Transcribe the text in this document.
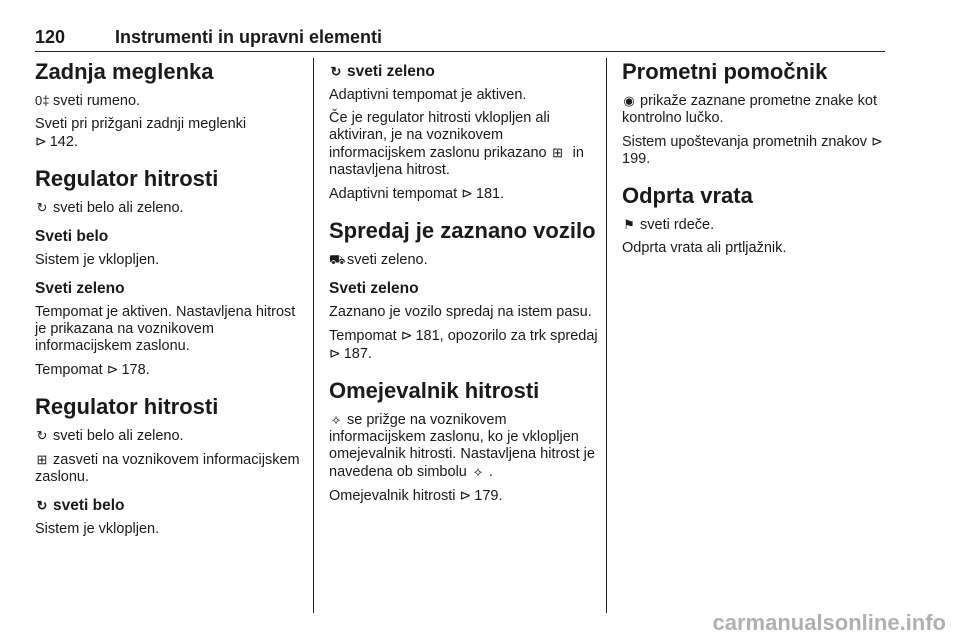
120	Instrumenti in upravni elementi
Zadnja meglenka

0‡ sveti rumeno.

Sveti pri prižgani zadnji meglenki
⊳ 142.

Regulator hitrosti

↻ sveti belo ali zeleno.

Sveti belo

Sistem je vklopljen.

Sveti zeleno

Tempomat je aktiven. Nastavljena hitrost je prikazana na voznikovem informacijskem zaslonu.

Tempomat ⊳ 178.

Regulator hitrosti

↻ sveti belo ali zeleno.

⊞ zasveti na voznikovem informacijskem zaslonu.

↻ sveti belo

Sistem je vklopljen.

↻ sveti zeleno

Adaptivni tempomat je aktiven.

Če je regulator hitrosti vklopljen ali aktiviran, je na voznikovem informacijskem zaslonu prikazano ⊞ in nastavljena hitrost.

Adaptivni tempomat ⊳ 181.

Spredaj je zaznano vozilo

⛟ sveti zeleno.

Sveti zeleno

Zaznano je vozilo spredaj na istem pasu.

Tempomat ⊳ 181, opozorilo za trk spredaj ⊳ 187.

Omejevalnik hitrosti

⟡ se prižge na voznikovem informacijskem zaslonu, ko je vklopljen omejevalnik hitrosti. Nastavljena hitrost je navedena ob simbolu ⟡ .

Omejevalnik hitrosti ⊳ 179.

Prometni pomočnik

◉ prikaže zaznane prometne znake kot kontrolno lučko.

Sistem upoštevanja prometnih znakov ⊳199.

Odprta vrata

⚑ sveti rdeče.

Odprta vrata ali prtljažnik.

carmanualsonline.info
